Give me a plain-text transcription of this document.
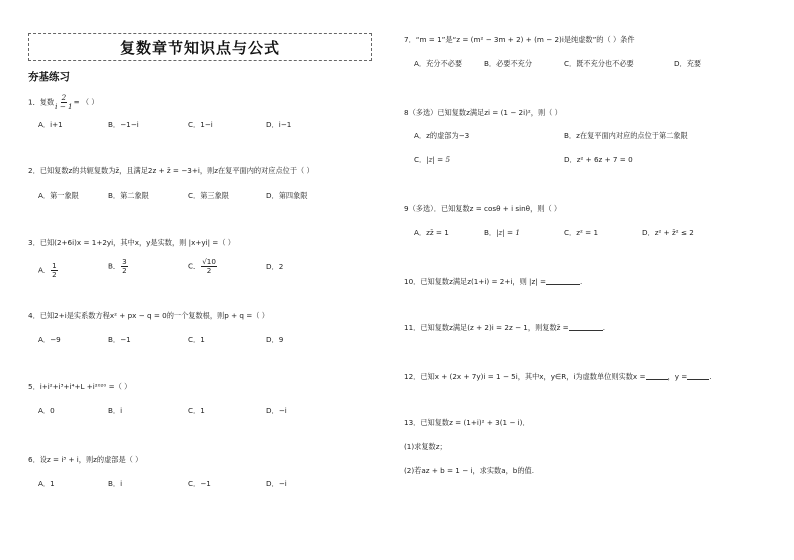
复数章节知识点与公式
夯基练习
1．复数 $\frac{2}{i - 1}$ = （ ）
A．i+1	B．−1−i	C．1−i	D．i−1
2．已知复数z的共轭复数为z̄，且满足2z + z̄ = −3+i，则z在复平面内的对应点位于（ ）
A．第一象限	B．第二象限	C．第三象限	D．第四象限
3．已知(2+6i)x = 1+2yi，其中x，y是实数，则 |x+yi| =（ ）
A． $\frac{1}{2}$	B． $\frac{3}{2}$	C． $\frac{√10}{2}$	D．2
4．已知2+i是实系数方程x² + px − q = 0的一个复数根，则p + q =（ ）
A．−9	B．−1	C．1	D．9
5．i+i²+i³+i⁴+L +i²⁰²⁰ =（ ）
A．0	B．i	C．1	D．−i
6．设z = i³ + i，则z的虚部是（ ）
A．1	B．i	C．−1	D．−i
7．“m = 1”是“z = (m² − 3m + 2) + (m − 2)i是纯虚数”的（ ）条件
A．充分不必要	B．必要不充分	C．既不充分也不必要	D．充要
8（多选）已知复数z满足zi = (1 − 2i)²，则（ ）
A．z的虚部为−3	B．z在复平面内对应的点位于第二象限
C．|z| = 5	D．z² + 6z + 7 = 0
9（多选）．已知复数z = cosθ + i sinθ，则（ ）
A．zz̄ = 1	B．|z| = 1	C．z² = 1	D．z² + z̄² ≤ 2
10．已知复数z满足z(1+i) = 2+i，则 |z| =	.
11．已知复数z满足(z + 2)i = 2z − 1，则复数z̄ =	.
12．已知x + (2x + 7y)i = 1 − 5i，其中x，y∈R，i为虚数单位则实数x =	，y =	.
13．已知复数z = (1+i)² + 3(1 − i)．
(1)求复数z；
(2)若az + b = 1 − i，求实数a，b的值.
